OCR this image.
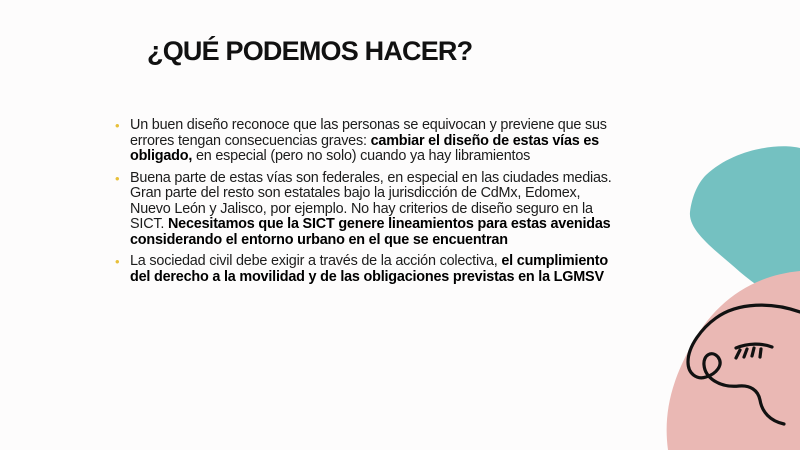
¿QUÉ PODEMOS HACER?
• Un buen diseño reconoce que las personas se equivocan y previene que sus errores tengan consecuencias graves: cambiar el diseño de estas vías es obligado, en especial (pero no solo) cuando ya hay libramientos
• Buena parte de estas vías son federales, en especial en las ciudades medias. Gran parte del resto son estatales bajo la jurisdicción de CdMx, Edomex, Nuevo León y Jalisco, por ejemplo. No hay criterios de diseño seguro en la SICT. Necesitamos que la SICT genere lineamientos para estas avenidas considerando el entorno urbano en el que se encuentran
• La sociedad civil debe exigir a través de la acción colectiva, el cumplimiento del derecho a la movilidad y de las obligaciones previstas en la LGMSV
